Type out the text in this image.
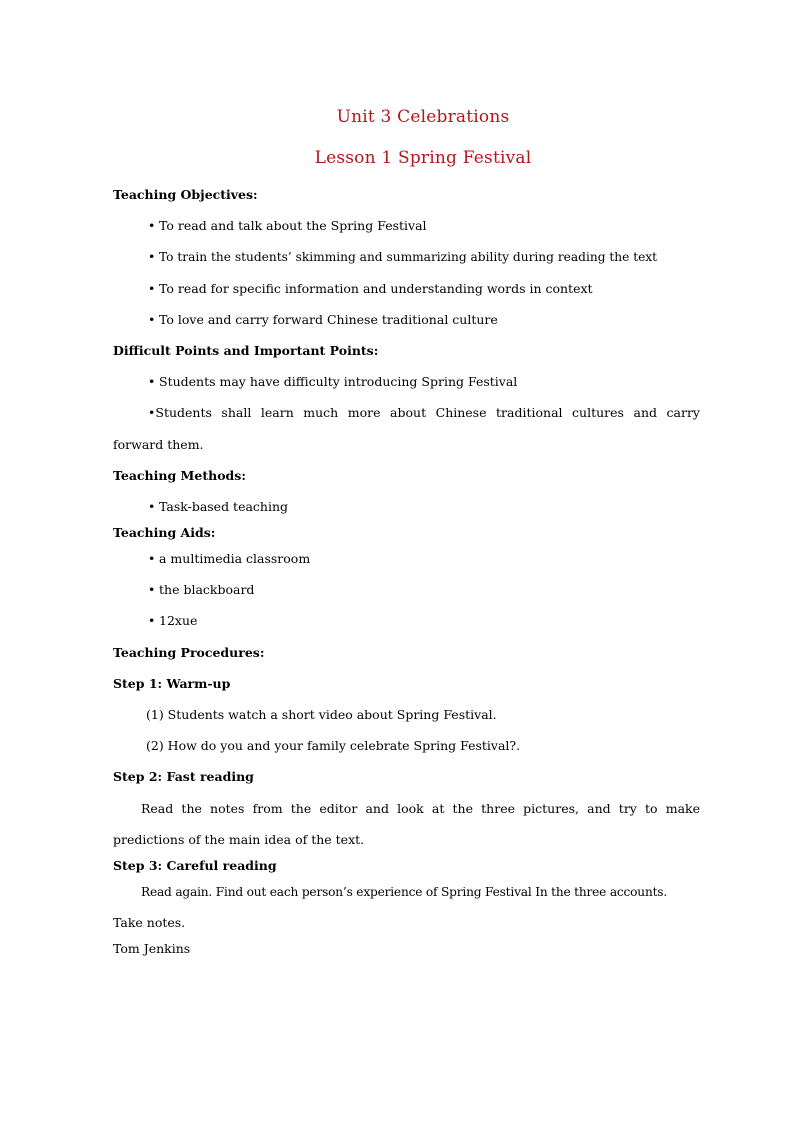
Unit 3 Celebrations
Lesson 1 Spring Festival
Teaching Objectives:
• To read and talk about the Spring Festival
• To train the students’ skimming and summarizing ability during reading the text
• To read for specific information and understanding words in context
• To love and carry forward Chinese traditional culture
Difficult Points and Important Points:
• Students may have difficulty introducing Spring Festival
•Students shall learn much more about Chinese traditional cultures and carry
forward them.
Teaching Methods:
• Task-based teaching
Teaching Aids:
• a multimedia classroom
• the blackboard
• 12xue
Teaching Procedures:
Step 1: Warm-up
(1) Students watch a short video about Spring Festival.
(2) How do you and your family celebrate Spring Festival?.
Step 2: Fast reading
Read the notes from the editor and look at the three pictures, and try to make
predictions of the main idea of the text.
Step 3: Careful reading
Read again. Find out each person’s experience of Spring Festival In the three accounts.
Take notes.
Tom Jenkins
